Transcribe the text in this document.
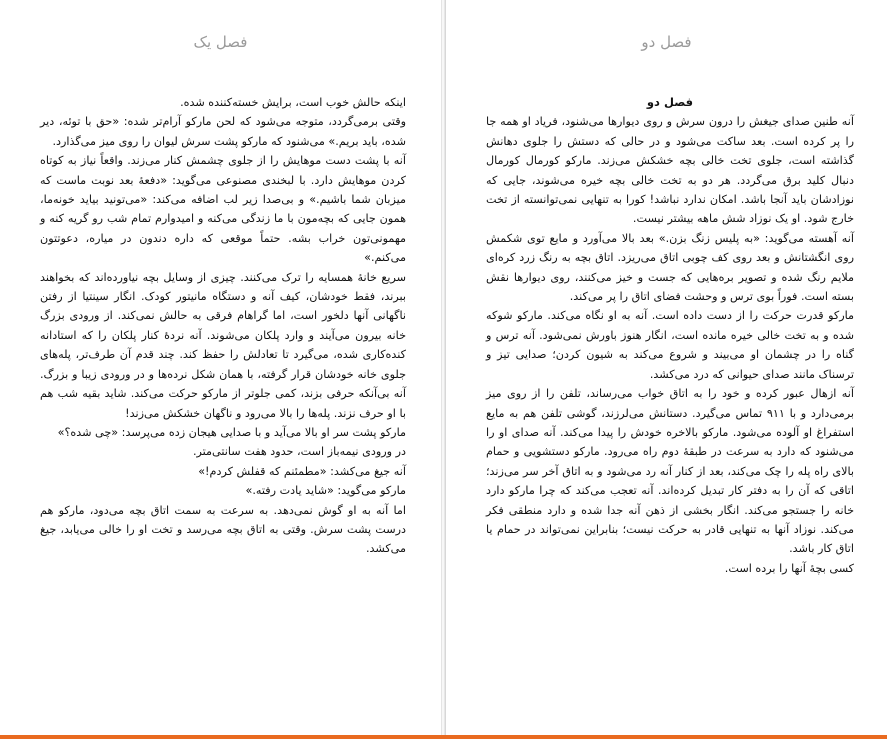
فصل یک

اینکه حالش خوب است، برایش خسته‌کننده شده.

وقتی برمی‌گردد، متوجه می‌شود که لحن مارکو آرام‌تر شده: «حق با توئه، دیر شده، باید بریم.» می‌شنود که مارکو پشت سرش لیوان را روی میز می‌گذارد.

آنه با پشت دست موهایش را از جلوی چشمش کنار می‌زند. واقعاً نیاز به کوتاه کردن موهایش دارد. با لبخندی مصنوعی می‌گوید: «دفعهٔ بعد نوبت ماست که میزبان شما باشیم.» و بی‌صدا زیر لب اضافه می‌کند: «می‌تونید بیاید خونه‌ما، همون جایی که بچه‌مون با ما زندگی می‌کنه و امیدوارم تمام شب رو گریه کنه و مهمونی‌تون خراب بشه. حتماً موقعی که داره دندون در میاره، دعوتتون می‌کنم.»

سریع خانهٔ همسایه را ترک می‌کنند. چیزی از وسایل بچه نیاورده‌اند که بخواهند ببرند، فقط خودشان، کیف آنه و دستگاه مانیتور کودک. انگار سینتیا از رفتن ناگهانی آنها دلخور است، اما گراهام فرقی به حالش نمی‌کند. از ورودی بزرگ خانه بیرون می‌آیند و وارد پلکان می‌شوند. آنه نردهٔ کنار پلکان را که استادانه کنده‌کاری شده، می‌گیرد تا تعادلش را حفظ کند. چند قدم آن طرف‌تر، پله‌های جلوی خانه خودشان قرار گرفته، با همان شکل نرده‌ها و در ورودی زیبا و بزرگ. آنه بی‌آنکه حرفی بزند، کمی جلوتر از مارکو حرکت می‌کند. شاید بقیه شب هم با او حرف نزند. پله‌ها را بالا می‌رود و ناگهان خشکش می‌زند!

مارکو پشت سر او بالا می‌آید و با صدایی هیجان زده می‌پرسد: «چی شده؟»

در ورودی نیمه‌باز است، حدود هفت سانتی‌متر.

آنه جیغ می‌کشد: «مطمئنم که قفلش کردم!»

مارکو می‌گوید: «شاید یادت رفته.»

اما آنه به او گوش نمی‌دهد. به سرعت به سمت اتاق بچه می‌دود، مارکو هم درست پشت سرش. وقتی به اتاق بچه می‌رسد و تخت او را خالی می‌یابد، جیغ می‌کشد.

فصل دو

فصل دو

آنه طنین صدای جیغش را درون سرش و روی دیوارها می‌شنود، فریاد او همه جا را پر کرده است. بعد ساکت می‌شود و در حالی که دستش را جلوی دهانش گذاشته است، جلوی تخت خالی بچه خشکش می‌زند. مارکو کورمال کورمال دنبال کلید برق می‌گردد. هر دو به تخت خالی بچه خیره می‌شوند، جایی که نوزادشان باید آنجا باشد. امکان ندارد نباشد! کورا به تنهایی نمی‌توانسته از تخت خارج شود. او یک نوزاد شش ماهه بیشتر نیست.

آنه آهسته می‌گوید: «به پلیس زنگ بزن.» بعد بالا می‌آورد و مایع توی شکمش روی انگشتانش و بعد روی کف چوبی اتاق می‌ریزد. اتاق بچه به رنگ زرد کره‌ای ملایم رنگ شده و تصویر بره‌هایی که جست و خیز می‌کنند، روی دیوارها نقش بسته است. فوراً بوی ترس و وحشت فضای اتاق را پر می‌کند.

مارکو قدرت حرکت را از دست داده است. آنه به او نگاه می‌کند. مارکو شوکه شده و به تخت خالی خیره مانده است، انگار هنوز باورش نمی‌شود. آنه ترس و گناه را در چشمان او می‌بیند و شروع می‌کند به شیون کردن؛ صدایی تیز و ترسناک مانند صدای حیوانی که درد می‌کشد.

آنه ازهال عبور کرده و خود را به اتاق خواب می‌رساند، تلفن را از روی میز برمی‌دارد و با ۹۱۱ تماس می‌گیرد. دستانش می‌لرزند، گوشی تلفن هم به مایع استفراغ او آلوده می‌شود. مارکو بالاخره خودش را پیدا می‌کند. آنه صدای او را می‌شنود که دارد به سرعت در طبقهٔ دوم راه می‌رود. مارکو دستشویی و حمام بالای راه پله را چک می‌کند، بعد از کنار آنه رد می‌شود و به اتاق آخر سر می‌زند؛ اتاقی که آن را به دفتر کار تبدیل کرده‌اند. آنه تعجب می‌کند که چرا مارکو دارد خانه را جستجو می‌کند. انگار بخشی از ذهن آنه جدا شده و دارد منطقی فکر می‌کند. نوزاد آنها به تنهایی قادر به حرکت نیست؛ بنابراین نمی‌تواند در حمام یا اتاق کار باشد.

کسی بچهٔ آنها را برده است.
